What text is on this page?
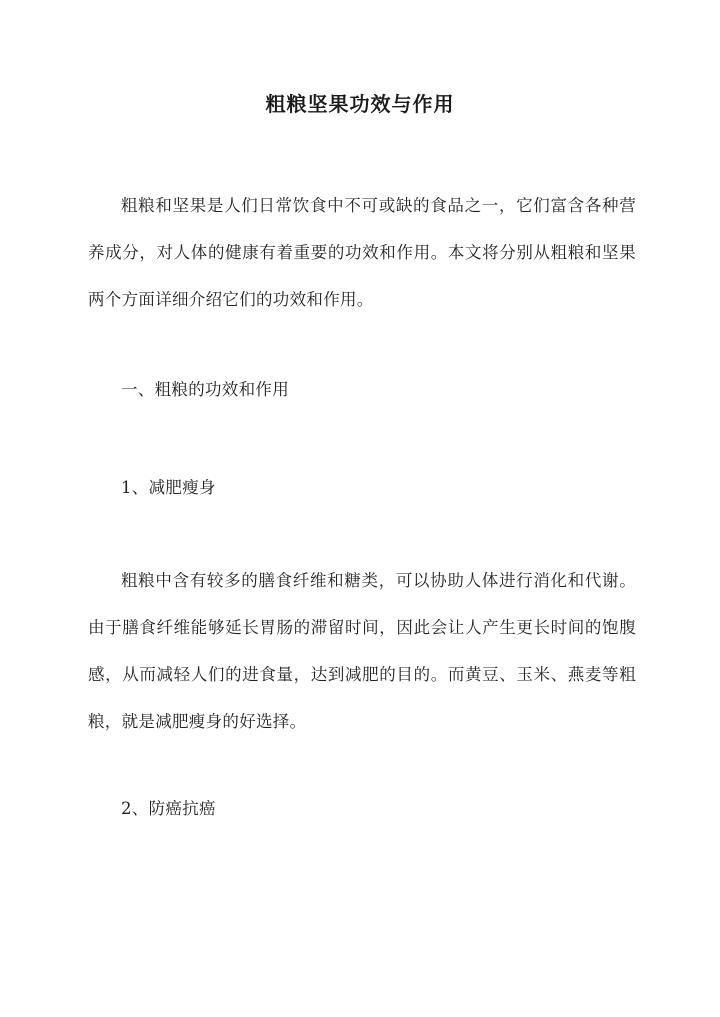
粗粮坚果功效与作用
粗粮和坚果是人们日常饮食中不可或缺的食品之一，它们富含各种营养成分，对人体的健康有着重要的功效和作用。本文将分别从粗粮和坚果两个方面详细介绍它们的功效和作用。
一、粗粮的功效和作用
1、减肥瘦身
粗粮中含有较多的膳食纤维和糖类，可以协助人体进行消化和代谢。由于膳食纤维能够延长胃肠的滞留时间，因此会让人产生更长时间的饱腹感，从而减轻人们的进食量，达到减肥的目的。而黄豆、玉米、燕麦等粗粮，就是减肥瘦身的好选择。
2、防癌抗癌
